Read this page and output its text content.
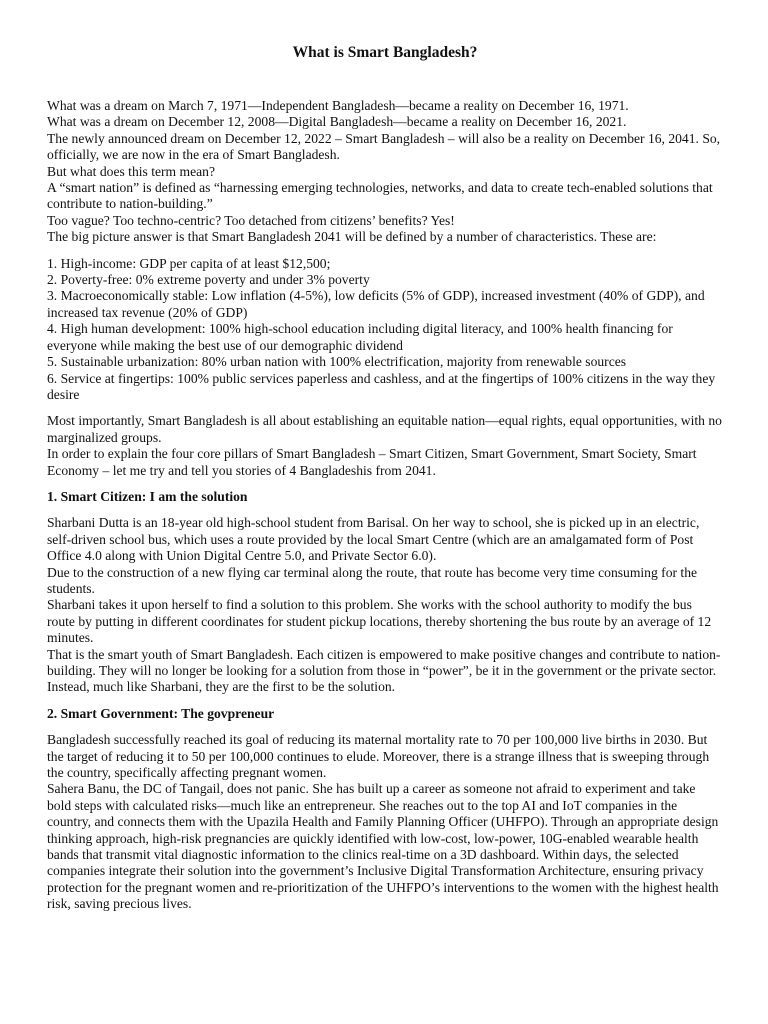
What is Smart Bangladesh?

What was a dream on March 7, 1971—Independent Bangladesh—became a reality on December 16, 1971.

What was a dream on December 12, 2008—Digital Bangladesh—became a reality on December 16, 2021.

The newly announced dream on December 12, 2022 – Smart Bangladesh – will also be a reality on December 16, 2041. So, officially, we are now in the era of Smart Bangladesh.

But what does this term mean?

A “smart nation” is defined as “harnessing emerging technologies, networks, and data to create tech-enabled solutions that contribute to nation-building.”

Too vague? Too techno-centric? Too detached from citizens’ benefits? Yes!

The big picture answer is that Smart Bangladesh 2041 will be defined by a number of characteristics. These are:

1. High-income: GDP per capita of at least $12,500;

2. Poverty-free: 0% extreme poverty and under 3% poverty

3. Macroeconomically stable: Low inflation (4-5%), low deficits (5% of GDP), increased investment (40% of GDP), and increased tax revenue (20% of GDP)

4. High human development: 100% high-school education including digital literacy, and 100% health financing for everyone while making the best use of our demographic dividend

5. Sustainable urbanization: 80% urban nation with 100% electrification, majority from renewable sources

6. Service at fingertips: 100% public services paperless and cashless, and at the fingertips of 100% citizens in the way they desire

Most importantly, Smart Bangladesh is all about establishing an equitable nation—equal rights, equal opportunities, with no marginalized groups.

In order to explain the four core pillars of Smart Bangladesh – Smart Citizen, Smart Government, Smart Society, Smart Economy – let me try and tell you stories of 4 Bangladeshis from 2041.

1. Smart Citizen: I am the solution

Sharbani Dutta is an 18-year old high-school student from Barisal. On her way to school, she is picked up in an electric, self-driven school bus, which uses a route provided by the local Smart Centre (which are an amalgamated form of Post Office 4.0 along with Union Digital Centre 5.0, and Private Sector 6.0).

Due to the construction of a new flying car terminal along the route, that route has become very time consuming for the students.

Sharbani takes it upon herself to find a solution to this problem. She works with the school authority to modify the bus route by putting in different coordinates for student pickup locations, thereby shortening the bus route by an average of 12 minutes.

That is the smart youth of Smart Bangladesh. Each citizen is empowered to make positive changes and contribute to nation-building. They will no longer be looking for a solution from those in “power”, be it in the government or the private sector. Instead, much like Sharbani, they are the first to be the solution.

2. Smart Government: The govpreneur

Bangladesh successfully reached its goal of reducing its maternal mortality rate to 70 per 100,000 live births in 2030. But the target of reducing it to 50 per 100,000 continues to elude. Moreover, there is a strange illness that is sweeping through the country, specifically affecting pregnant women.

Sahera Banu, the DC of Tangail, does not panic. She has built up a career as someone not afraid to experiment and take bold steps with calculated risks—much like an entrepreneur. She reaches out to the top AI and IoT companies in the country, and connects them with the Upazila Health and Family Planning Officer (UHFPO). Through an appropriate design thinking approach, high-risk pregnancies are quickly identified with low-cost, low-power, 10G-enabled wearable health bands that transmit vital diagnostic information to the clinics real-time on a 3D dashboard. Within days, the selected companies integrate their solution into the government’s Inclusive Digital Transformation Architecture, ensuring privacy protection for the pregnant women and re-prioritization of the UHFPO’s interventions to the women with the highest health risk, saving precious lives.
